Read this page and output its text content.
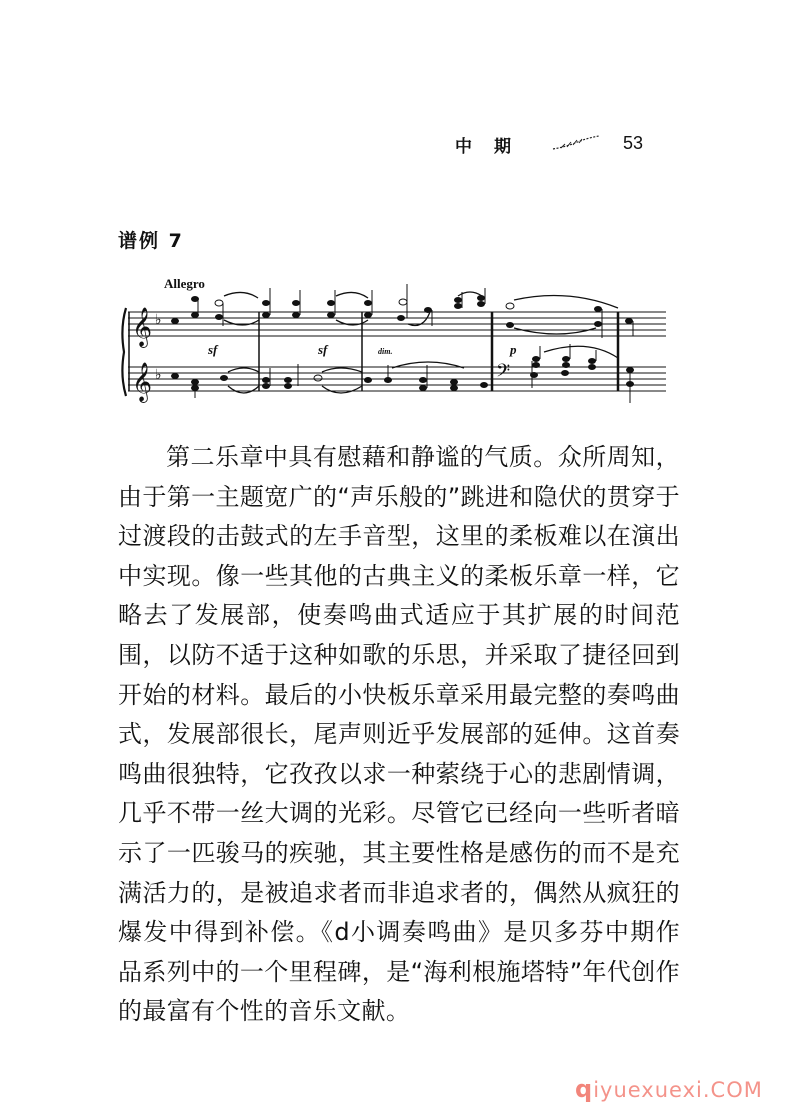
中期	53
谱例 7
Allegro
𝄞
𝄞
♭
♭	𝄢
sf	sf	dim.	p

第二乐章中具有慰藉和静谧的气质。众所周知，由于第一主题宽广的“声乐般的”跳进和隐伏的贯穿于过渡段的击鼓式的左手音型，这里的柔板难以在演出中实现。像一些其他的古典主义的柔板乐章一样，它略去了发展部，使奏鸣曲式适应于其扩展的时间范围，以防不适于这种如歌的乐思，并采取了捷径回到开始的材料。最后的小快板乐章采用最完整的奏鸣曲式，发展部很长，尾声则近乎发展部的延伸。这首奏鸣曲很独特，它孜孜以求一种萦绕于心的悲剧情调，几乎不带一丝大调的光彩。尽管它已经向一些听者暗示了一匹骏马的疾驰，其主要性格是感伤的而不是充满活力的，是被追求者而非追求者的，偶然从疯狂的爆发中得到补偿。《d小调奏鸣曲》是贝多芬中期作品系列中的一个里程碑，是“海利根施塔特”年代创作的最富有个性的音乐文献。

qiyuexuexi.COM
